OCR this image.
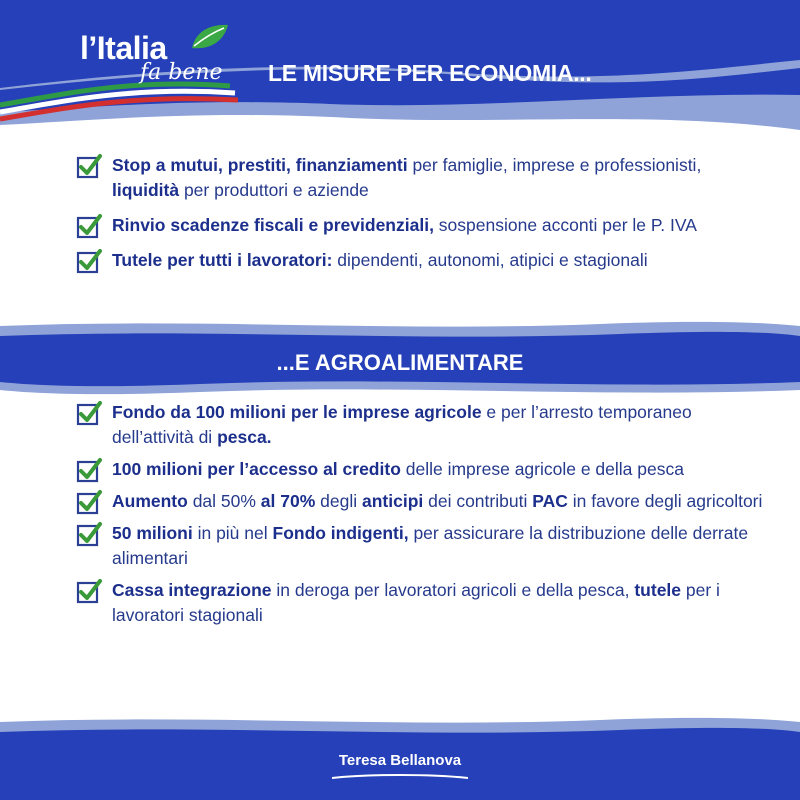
l’Italia
fa bene LE MISURE PER ECONOMIA...
Stop a mutui, prestiti, finanziamenti per famiglie, imprese e professionisti, liquidità per produttori e aziende
Rinvio scadenze fiscali e previdenziali, sospensione acconti per le P. IVA
Tutele per tutti i lavoratori: dipendenti, autonomi, atipici e stagionali
...E AGROALIMENTARE
Fondo da 100 milioni per le imprese agricole e per l’arresto temporaneo dell’attività di pesca.
100 milioni per l’accesso al credito delle imprese agricole e della pesca
Aumento dal 50% al 70% degli anticipi dei contributi PAC in favore degli agricoltori
50 milioni in più nel Fondo indigenti, per assicurare la distribuzione delle derrate alimentari
Cassa integrazione in deroga per lavoratori agricoli e della pesca, tutele per i lavoratori stagionali
Teresa Bellanova
